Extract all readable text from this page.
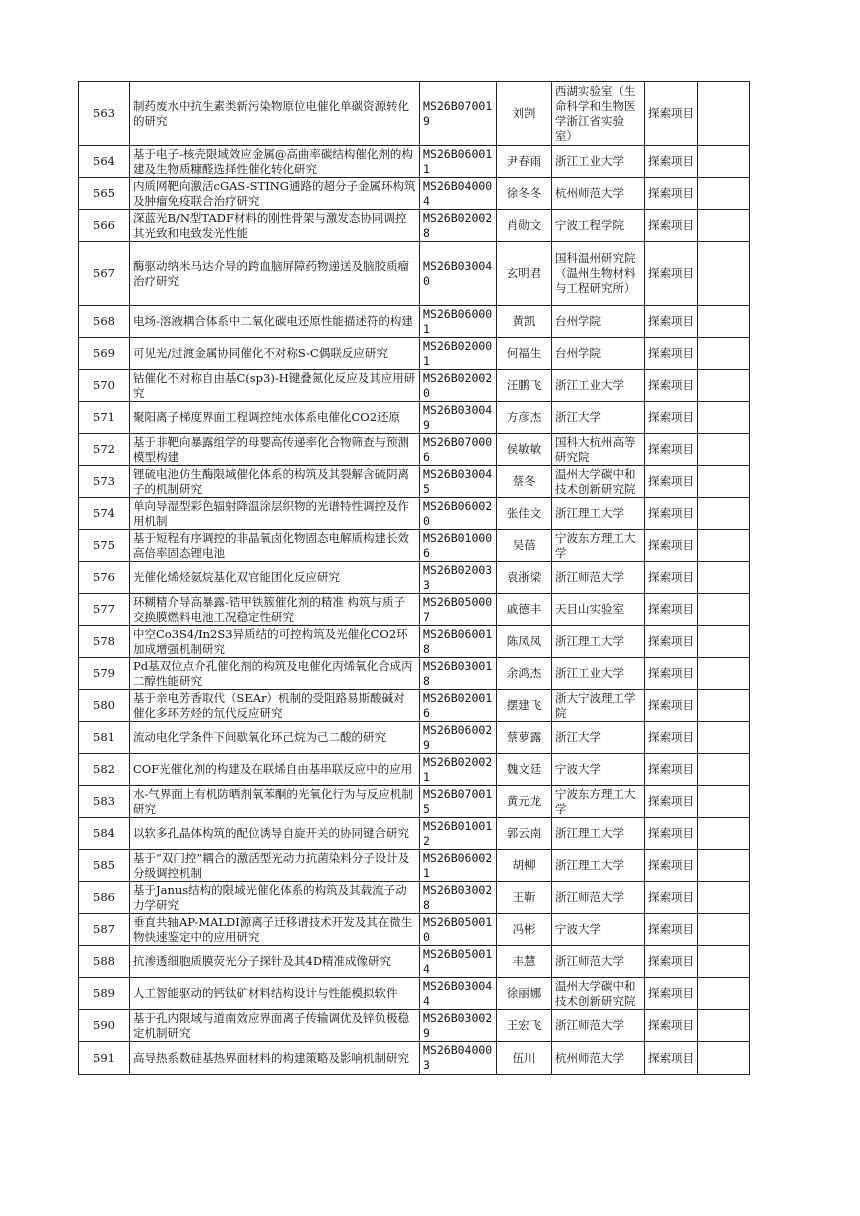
563	制药废水中抗生素类新污染物原位电催化单碳资源转化的研究	MS26B070019	刘剀	西湖实验室（生命科学和生物医学浙江省实验室）	探索项目	
564	基于电子-核壳限域效应金属@高曲率碳结构催化剂的构建及生物质糠醛选择性催化转化研究	MS26B060011	尹春雨	浙江工业大学	探索项目	
565	内质网靶向激活cGAS-STING通路的超分子金属环构筑及肿瘤免疫联合治疗研究	MS26B040004	徐冬冬	杭州师范大学	探索项目	
566	深蓝光B/N型TADF材料的刚性骨架与激发态协同调控其光致和电致发光性能	MS26B020028	肖勋文	宁波工程学院	探索项目	
567	酶驱动纳米马达介导的跨血脑屏障药物递送及脑胶质瘤治疗研究	MS26B030040	玄明君	国科温州研究院（温州生物材料与工程研究所）	探索项目	
568	电场-溶液耦合体系中二氧化碳电还原性能描述符的构建	MS26B060001	黄凯	台州学院	探索项目	
569	可见光/过渡金属协同催化不对称S-C偶联反应研究	MS26B020001	何福生	台州学院	探索项目	
570	钴催化不对称自由基C(sp3)-H键叠氮化反应及其应用研究	MS26B020020	汪鹏飞	浙江工业大学	探索项目	
571	聚阳离子梯度界面工程调控纯水体系电催化CO2还原	MS26B030049	方彦杰	浙江大学	探索项目	
572	基于非靶向暴露组学的母婴高传递率化合物筛查与预测模型构建	MS26B070006	侯敏敏	国科大杭州高等研究院	探索项目	
573	锂硫电池仿生酶限域催化体系的构筑及其裂解含硫阴离子的机制研究	MS26B030045	蔡冬	温州大学碳中和技术创新研究院	探索项目	
574	单向导湿型彩色辐射降温涂层织物的光谱特性调控及作用机制	MS26B060020	张佳文	浙江理工大学	探索项目	
575	基于短程有序调控的非晶氧卤化物固态电解质构建长效高倍率固态锂电池	MS26B010006	吴蓓	宁波东方理工大学	探索项目	
576	光催化烯烃氨烷基化双官能团化反应研究	MS26B020033	袁浙梁	浙江师范大学	探索项目	
577	环糊精介导高暴露-锆甲铁簇催化剂的精准 构筑与质子交换膜燃料电池工况稳定性研究	MS26B050007	戚德丰	天目山实验室	探索项目	
578	中空Co3S4/In2S3异质结的可控构筑及光催化CO2环加成增强机制研究	MS26B060018	陈凤凤	浙江理工大学	探索项目	
579	Pd基双位点介孔催化剂的构筑及电催化丙烯氧化合成丙二醇性能研究	MS26B030018	余鸿杰	浙江工业大学	探索项目	
580	基于亲电芳香取代（SEAr）机制的受阻路易斯酸碱对催化多环芳烃的氘代反应研究	MS26B020016	摆建飞	浙大宁波理工学院	探索项目	
581	流动电化学条件下间歇氧化环己烷为己二酸的研究	MS26B060029	蔡萝露	浙江大学	探索项目	
582	COF光催化剂的构建及在联烯自由基串联反应中的应用	MS26B020021	魏文廷	宁波大学	探索项目	
583	水-气界面上有机防晒剂氧苯酮的光氧化行为与反应机制研究	MS26B070015	黄元龙	宁波东方理工大学	探索项目	
584	以软多孔晶体构筑的配位诱导自旋开关的协同键合研究	MS26B010012	郭云南	浙江理工大学	探索项目	
585	基于“双门控”耦合的激活型光动力抗菌染料分子设计及分级调控机制	MS26B060021	胡柳	浙江理工大学	探索项目	
586	基于Janus结构的限域光催化体系的构筑及其载流子动力学研究	MS26B030028	王靳	浙江师范大学	探索项目	
587	垂直共轴AP-MALDI源离子迁移谱技术开发及其在微生物快速鉴定中的应用研究	MS26B050010	冯彬	宁波大学	探索项目	
588	抗渗透细胞质膜荧光分子探针及其4D精准成像研究	MS26B050014	丰慧	浙江师范大学	探索项目	
589	人工智能驱动的钙钛矿材料结构设计与性能模拟软件	MS26B030044	徐丽娜	温州大学碳中和技术创新研究院	探索项目	
590	基于孔内限域与道南效应界面离子传输调优及锌负极稳定机制研究	MS26B030029	王宏飞	浙江师范大学	探索项目	
591	高导热系数硅基热界面材料的构建策略及影响机制研究	MS26B040003	伍川	杭州师范大学	探索项目	
